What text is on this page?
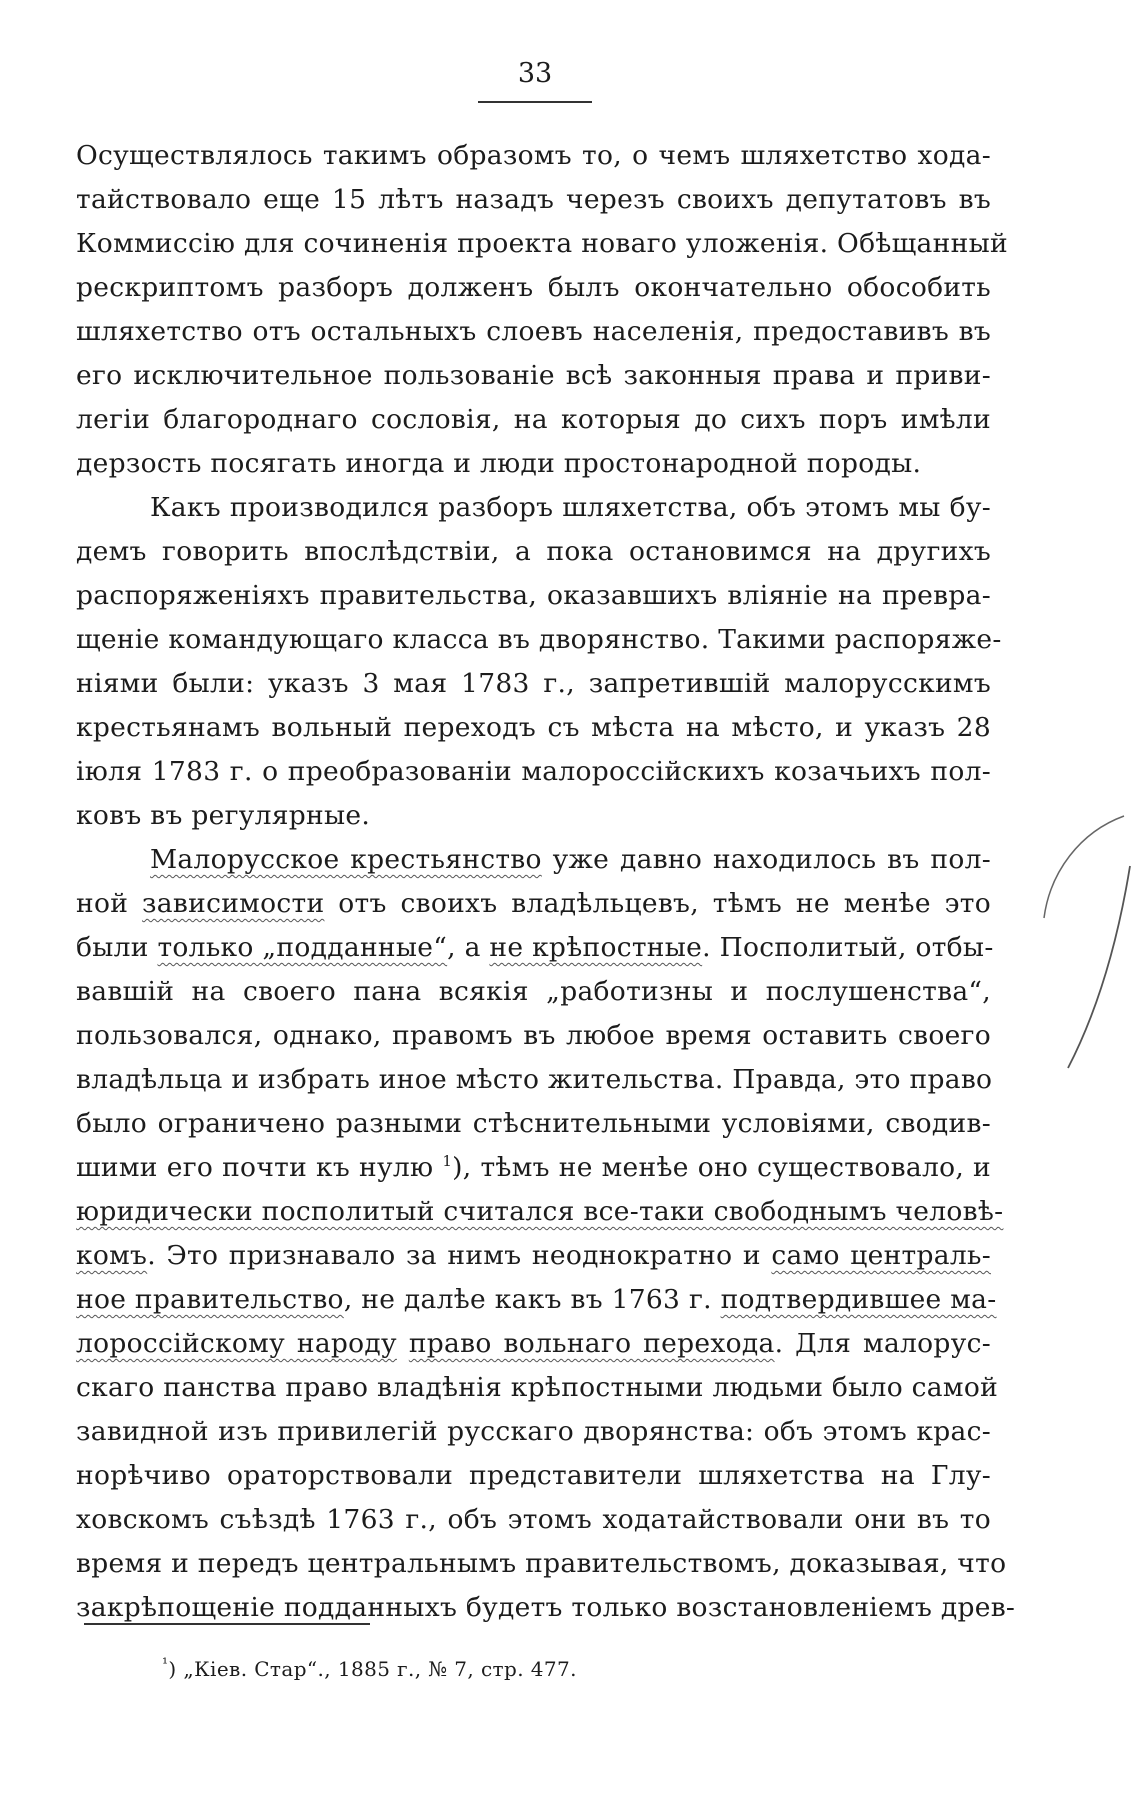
33
Осуществлялось такимъ образомъ то, о чемъ шляхетство хода-
тайствовало еще 15 лѣтъ назадъ черезъ своихъ депутатовъ въ
Коммиссію для сочиненія проекта новаго уложенія. Обѣщанный
рескриптомъ разборъ долженъ былъ окончательно обособить
шляхетство отъ остальныхъ слоевъ населенія, предоставивъ въ
его исключительное пользованіе всѣ законныя права и приви-
легіи благороднаго сословія, на которыя до сихъ поръ имѣли
дерзость посягать иногда и люди простонародной породы.
Какъ производился разборъ шляхетства, объ этомъ мы бу-
демъ говорить впослѣдствіи, а пока остановимся на другихъ
распоряженіяхъ правительства, оказавшихъ вліяніе на превра-
щеніе командующаго класса въ дворянство. Такими распоряже-
ніями были: указъ 3 мая 1783 г., запретившій малорусскимъ
крестьянамъ вольный переходъ съ мѣста на мѣсто, и указъ 28
іюля 1783 г. о преобразованіи малороссійскихъ козачьихъ пол-
ковъ въ регулярные.
Малорусское крестьянство уже давно находилось въ пол-
ной зависимости отъ своихъ владѣльцевъ, тѣмъ не менѣе это
были только „подданные“, а не крѣпостные. Посполитый, отбы-
вавшій на своего пана всякія „работизны и послушенства“,
пользовался, однако, правомъ въ любое время оставить своего
владѣльца и избрать иное мѣсто жительства. Правда, это право
было ограничено разными стѣснительными условіями, сводив-
шими его почти къ нулю $^1$), тѣмъ не менѣе оно существовало, и
юридически посполитый считался все-таки свободнымъ человѣ-
комъ. Это признавало за нимъ неоднократно и само централь-
ное правительство, не далѣе какъ въ 1763 г. подтвердившее ма-
лороссійскому народу право вольнаго перехода. Для малорус-
скаго панства право владѣнія крѣпостными людьми было самой
завидной изъ привилегій русскаго дворянства: объ этомъ крас-
норѣчиво ораторствовали представители шляхетства на Глу-
ховскомъ съѣздѣ 1763 г., объ этомъ ходатайствовали они въ то
время и передъ центральнымъ правительствомъ, доказывая, что
закрѣпощеніе подданныхъ будетъ только возстановленіемъ древ-
$^{^1}$) „Кіев. Стар“., 1885 г., № 7, стр. 477.
